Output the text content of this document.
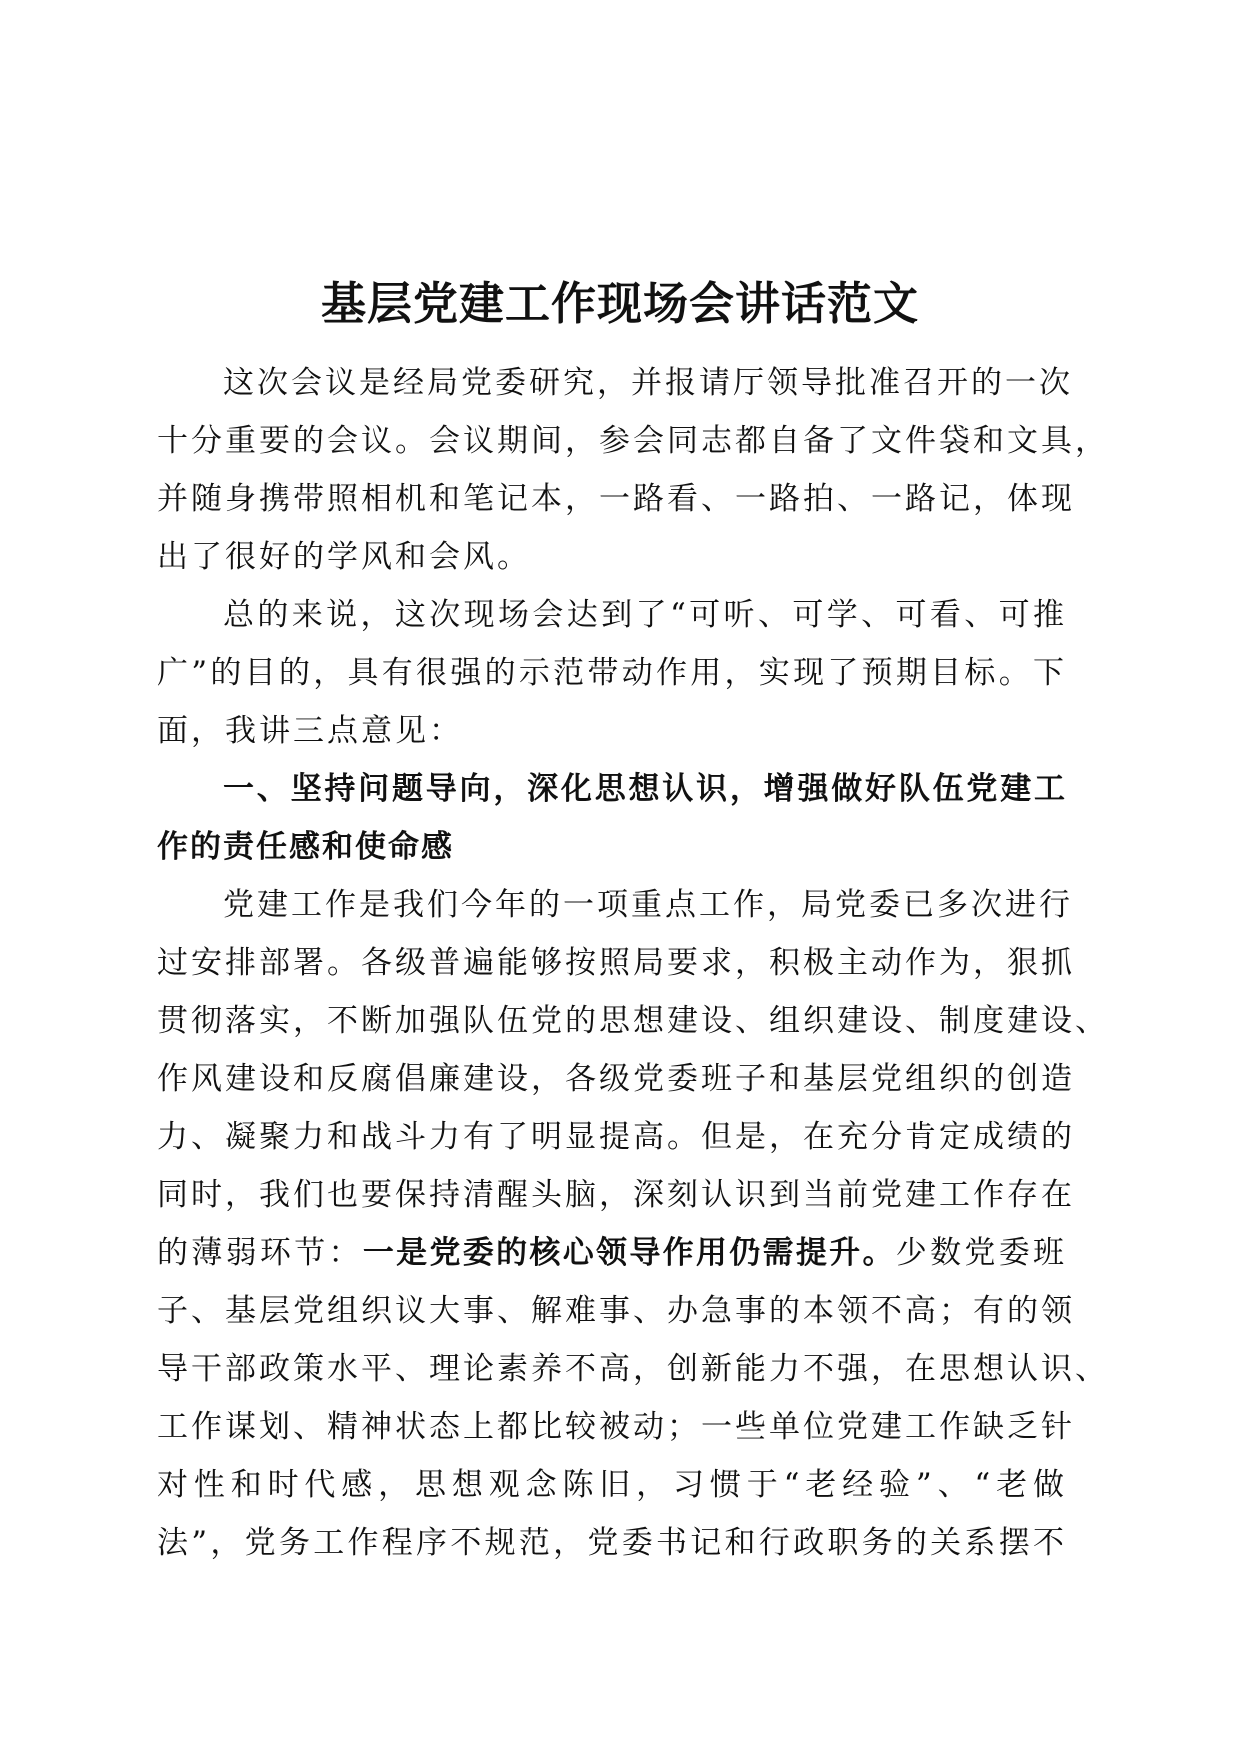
基层党建工作现场会讲话范文
这次会议是经局党委研究，并报请厅领导批准召开的一次
十分重要的会议。会议期间，参会同志都自备了文件袋和文具，
并随身携带照相机和笔记本，一路看、一路拍、一路记，体现
出了很好的学风和会风。
总的来说，这次现场会达到了“可听、可学、可看、可推
广”的目的，具有很强的示范带动作用，实现了预期目标。下
面，我讲三点意见：
一、坚持问题导向，深化思想认识，增强做好队伍党建工
作的责任感和使命感
党建工作是我们今年的一项重点工作，局党委已多次进行
过安排部署。各级普遍能够按照局要求，积极主动作为，狠抓
贯彻落实，不断加强队伍党的思想建设、组织建设、制度建设、
作风建设和反腐倡廉建设，各级党委班子和基层党组织的创造
力、凝聚力和战斗力有了明显提高。但是，在充分肯定成绩的
同时，我们也要保持清醒头脑，深刻认识到当前党建工作存在
的薄弱环节：一是党委的核心领导作用仍需提升。少数党委班
子、基层党组织议大事、解难事、办急事的本领不高；有的领
导干部政策水平、理论素养不高，创新能力不强，在思想认识、
工作谋划、精神状态上都比较被动；一些单位党建工作缺乏针
对性和时代感，思想观念陈旧，习惯于“老经验”、“老做
法”，党务工作程序不规范，党委书记和行政职务的关系摆不
